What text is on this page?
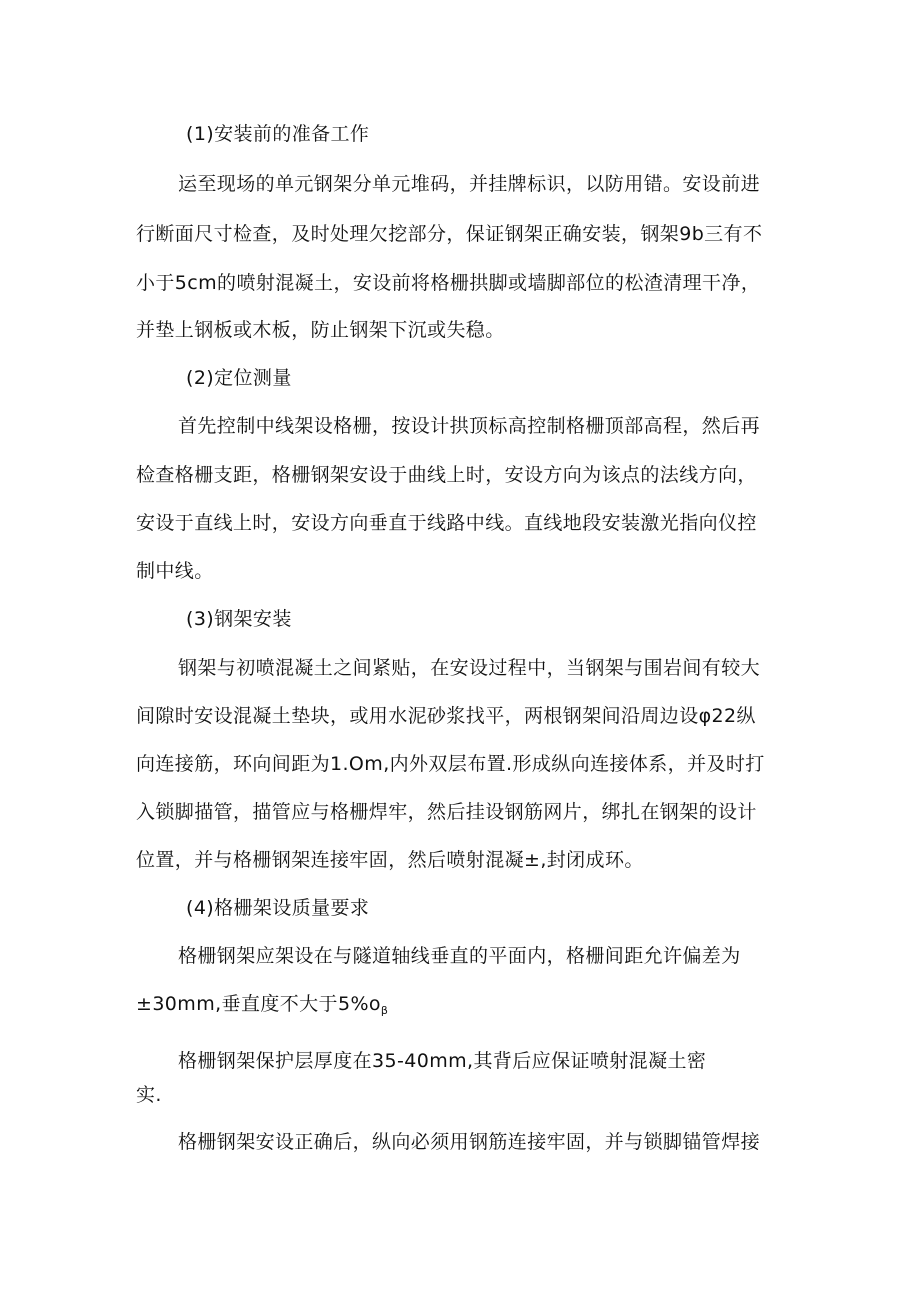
(1)安装前的准备工作
运至现场的单元钢架分单元堆码，并挂牌标识，以防用错。安设前进
行断面尺寸检查，及时处理欠挖部分，保证钢架正确安装，钢架9b三有不
小于5cm的喷射混凝土，安设前将格栅拱脚或墙脚部位的松渣清理干净，
并垫上钢板或木板，防止钢架下沉或失稳。
(2)定位测量
首先控制中线架设格栅，按设计拱顶标高控制格栅顶部高程，然后再
检查格栅支距，格栅钢架安设于曲线上时，安设方向为该点的法线方向，
安设于直线上时，安设方向垂直于线路中线。直线地段安装激光指向仪控
制中线。
(3)钢架安装
钢架与初喷混凝土之间紧贴，在安设过程中，当钢架与围岩间有较大
间隙时安设混凝土垫块，或用水泥砂浆找平，两根钢架间沿周边设φ22纵
向连接筋，环向间距为1.Om,内外双层布置.形成纵向连接体系，并及时打
入锁脚描管，描管应与格栅焊牢，然后挂设钢筋网片，绑扎在钢架的设计
位置，并与格栅钢架连接牢固，然后喷射混凝±,封闭成环。
(4)格栅架设质量要求
格栅钢架应架设在与隧道轴线垂直的平面内，格栅间距允许偏差为
±30mm,垂直度不大于$5\%o_\beta$
格栅钢架保护层厚度在35-40mm,其背后应保证喷射混凝土密
实.
格栅钢架安设正确后，纵向必须用钢筋连接牢固，并与锁脚锚管焊接
